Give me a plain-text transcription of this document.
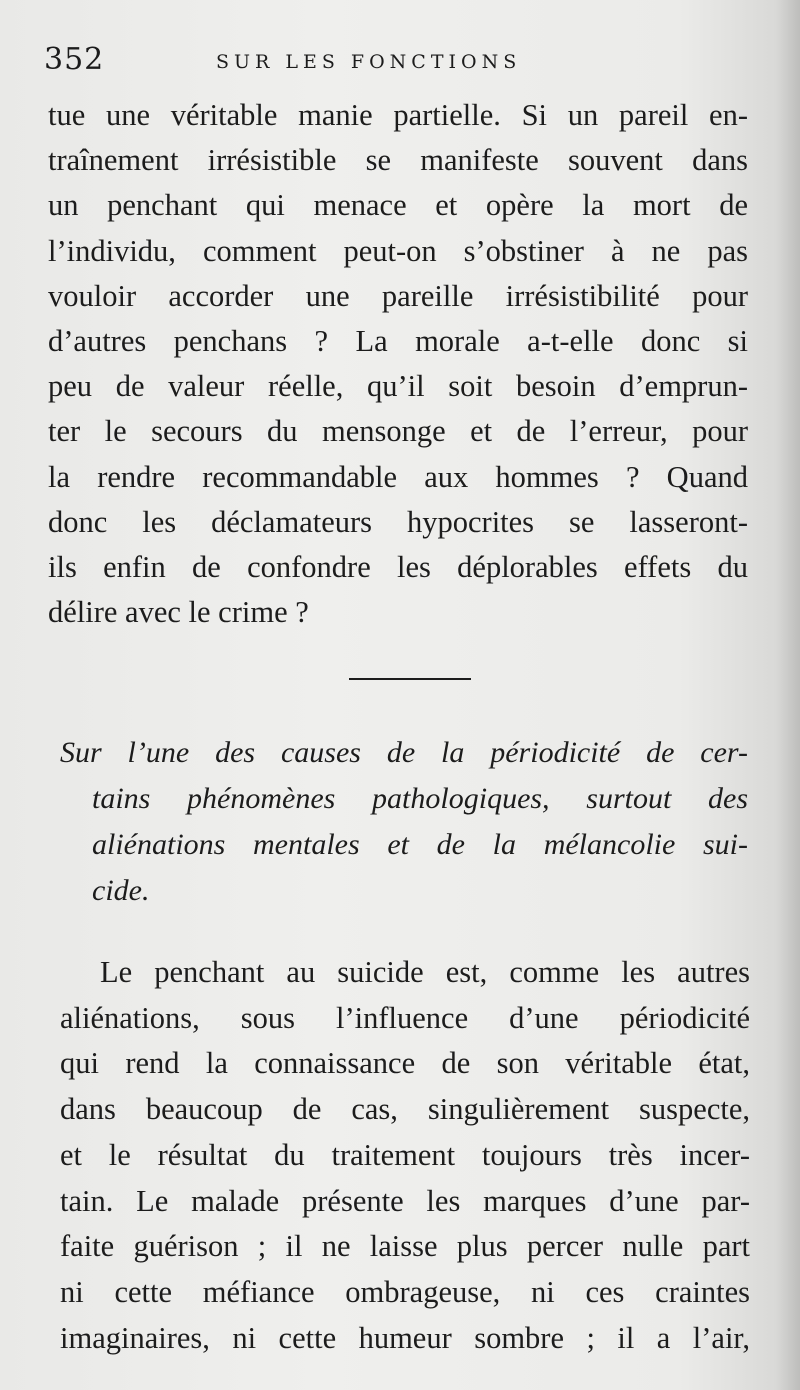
352	SUR LES FONCTIONS
tue une véritable manie partielle. Si un pareil en-
traînement irrésistible se manifeste souvent dans
un penchant qui menace et opère la mort de
l’individu, comment peut-on s’obstiner à ne pas
vouloir accorder une pareille irrésistibilité pour
d’autres penchans ? La morale a-t-elle donc si
peu de valeur réelle, qu’il soit besoin d’emprun-
ter le secours du mensonge et de l’erreur, pour
la rendre recommandable aux hommes ? Quand
donc les déclamateurs hypocrites se lasseront-
ils enfin de confondre les déplorables effets du
délire avec le crime ?
Sur l’une des causes de la périodicité de cer-
tains phénomènes pathologiques, surtout des
aliénations mentales et de la mélancolie sui-
cide.
Le penchant au suicide est, comme les autres
aliénations, sous l’influence d’une périodicité
qui rend la connaissance de son véritable état,
dans beaucoup de cas, singulièrement suspecte,
et le résultat du traitement toujours très incer-
tain. Le malade présente les marques d’une par-
faite guérison ; il ne laisse plus percer nulle part
ni cette méfiance ombrageuse, ni ces craintes
imaginaires, ni cette humeur sombre ; il a l’air,
